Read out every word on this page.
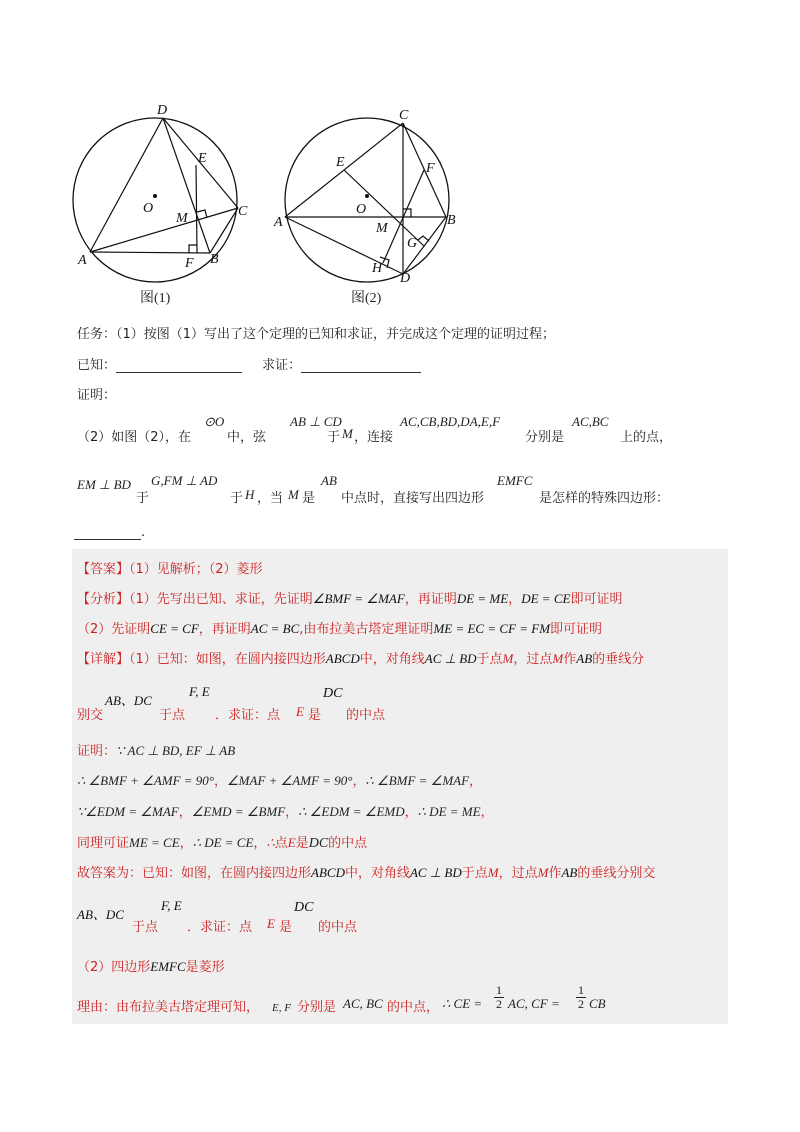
D
E
O
M	C
A	F B
图(1)
C
E	F
O
A	M
B
G
H
D
图(2)
任务：（1）按图（1）写出了这个定理的已知和求证，并完成这个定理的证明过程；
已知：	求证：
证明：
（2）如图（2），在
⊙O
中，弦
AB ⊥ CD
于 M ，连接
AC,CB,BD,DA,E,F
分别是
AC,BC
上的点，
EM ⊥ BD
于
G,FM ⊥ AD
于 H ，当 M 是
AB
中点时，直接写出四边形
EMFC
是怎样的特殊四边形：
.
【答案】（1）见解析；（2）菱形
【分析】（1）先写出已知、求证，先证明∠BMF = ∠MAF，再证明DE = ME，DE = CE即可证明
（2）先证明CE = CF，再证明AC = BC,由布拉美古塔定理证明ME = EC = CF = FM即可证明
【详解】（1）已知：如图，在圆内接四边形ABCD中，对角线AC ⊥ BD于点M，过点M作AB的垂线分
别交
AB、DC
于点
F, E
．求证：点 E 是
DC
的中点
证明：∵ AC ⊥ BD, EF ⊥ AB
∴ ∠BMF + ∠AMF = 90°，∠MAF + ∠AMF = 90°，∴ ∠BMF = ∠MAF，
∵∠EDM = ∠MAF，∠EMD = ∠BMF，∴ ∠EDM = ∠EMD，∴ DE = ME，
同理可证ME = CE，∴ DE = CE，∴点E是DC的中点
故答案为：已知：如图，在圆内接四边形ABCD中，对角线AC ⊥ BD于点M，过点M作AB的垂线分别交
AB、DC
于点
F, E
．求证：点 E 是
DC
的中点
（2）四边形EMFC是菱形
理由：由布拉美古塔定理可知， E, F 分别是 AC, BC 的中点， ∴ CE =
1
2 AC, CF =
1
2 CB
